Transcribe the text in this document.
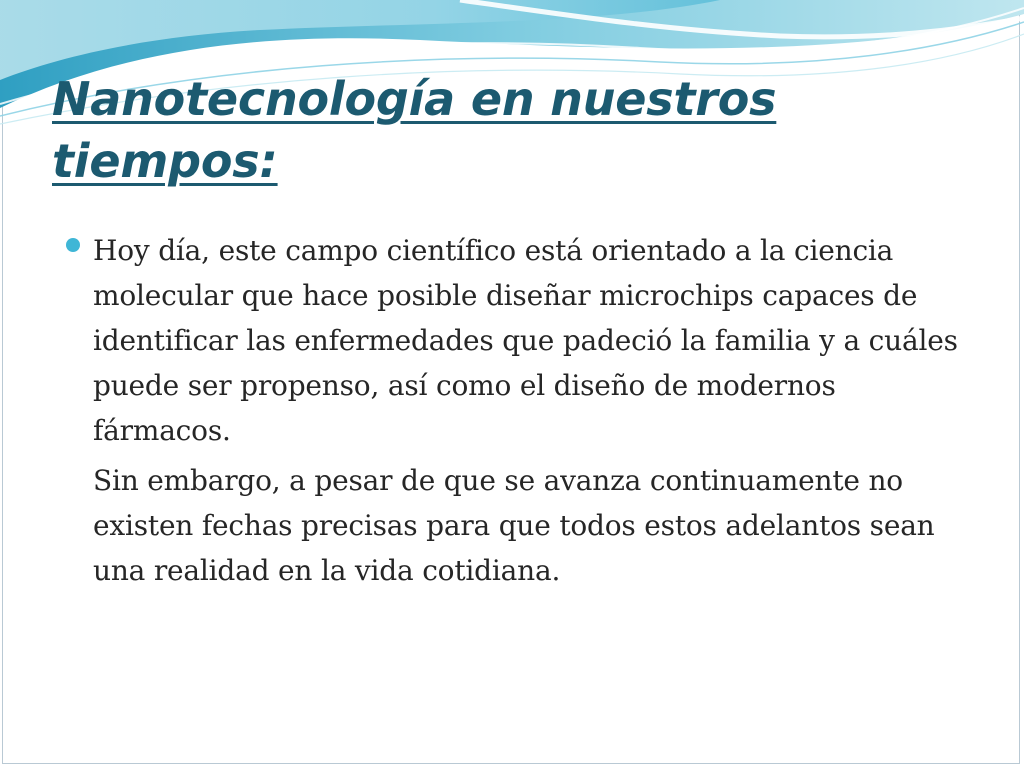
Nanotecnología en nuestros tiempos:

Hoy día, este campo científico está orientado a la ciencia molecular que hace posible diseñar microchips capaces de identificar las enfermedades que padeció la familia y a cuáles puede ser propenso, así como el diseño de modernos fármacos.

Sin embargo, a pesar de que se avanza continuamente no existen fechas precisas para que todos estos adelantos sean una realidad en la vida cotidiana.
